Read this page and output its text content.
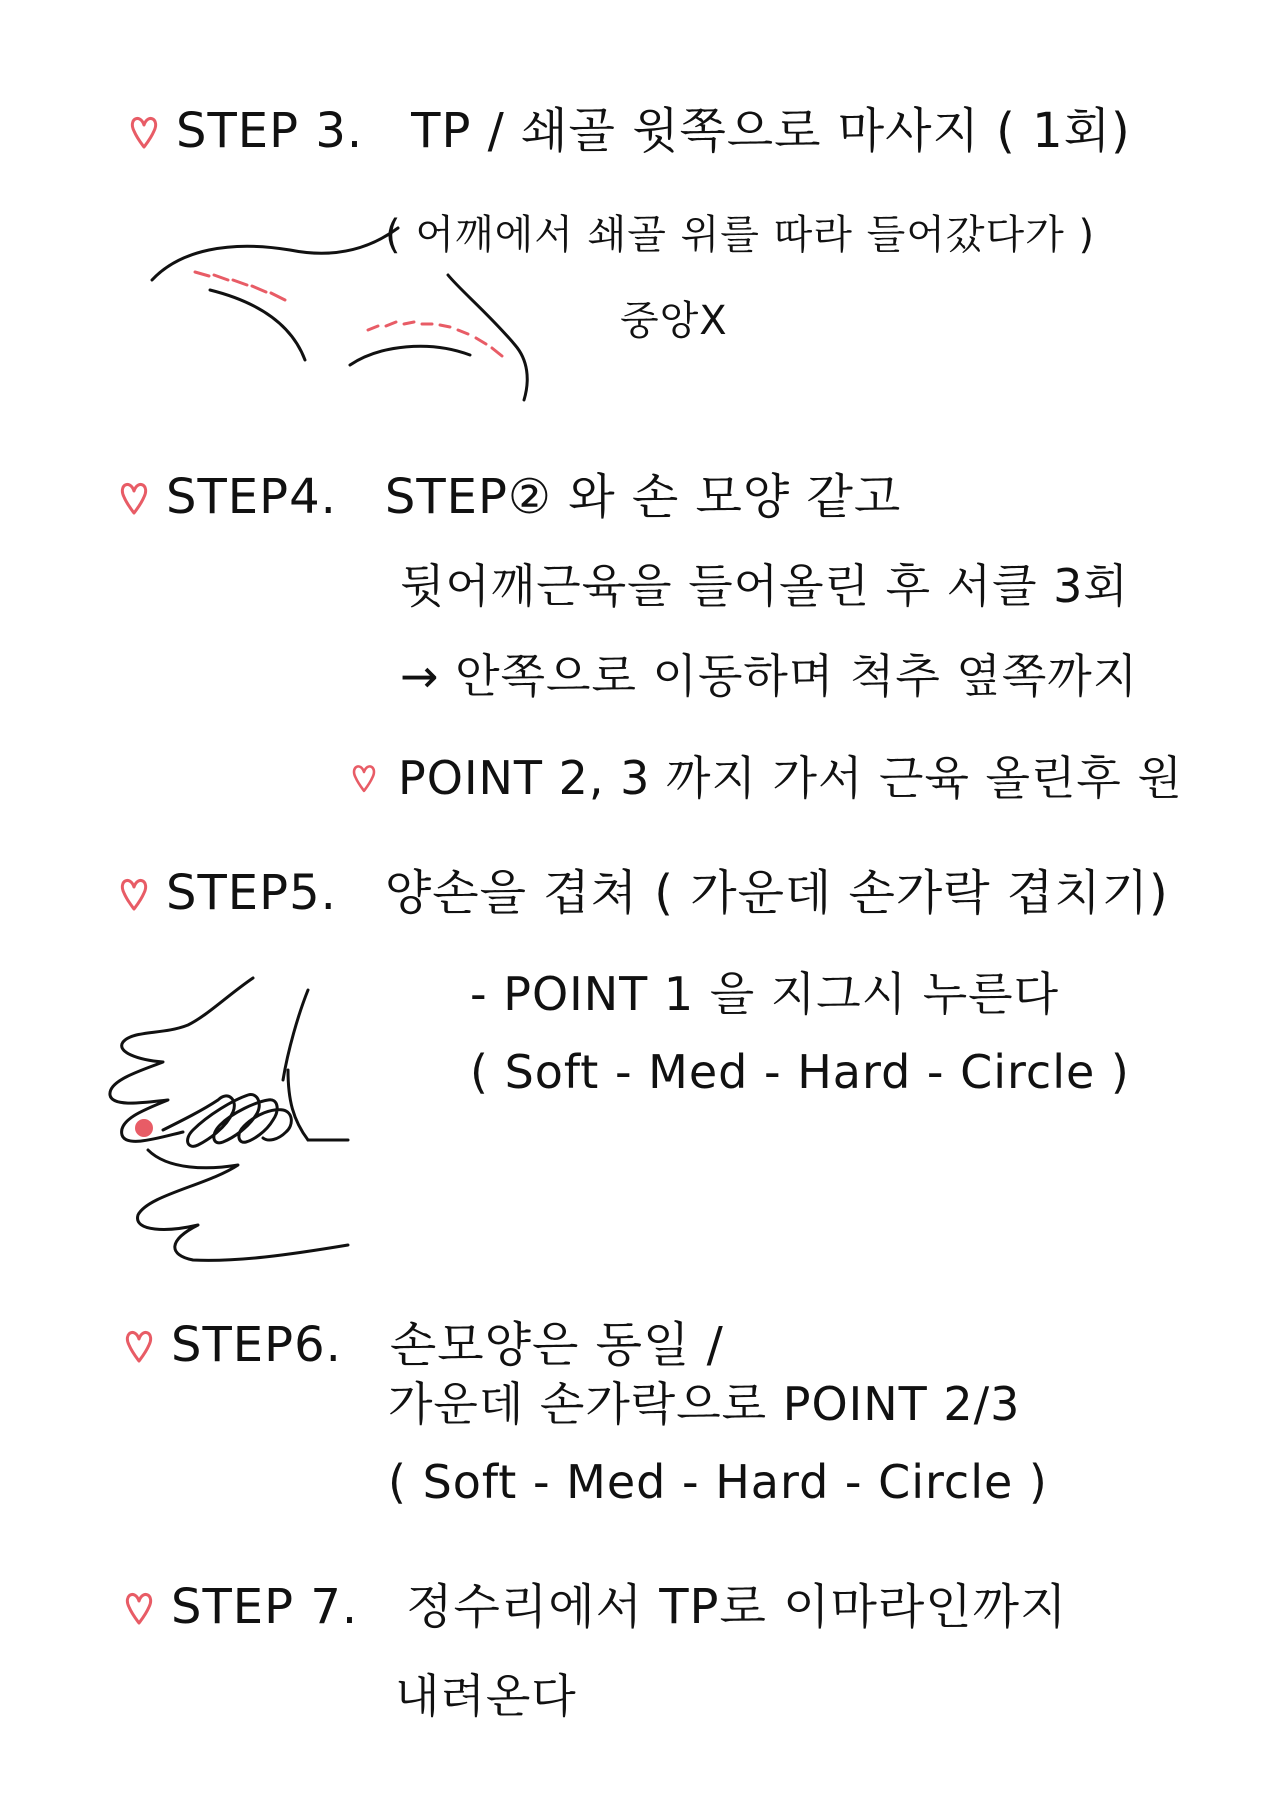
STEP 3. TP / 쇄골 윗쪽으로 마사지 ( 1회)
( 어깨에서 쇄골 위를 따라 들어갔다가 )
중앙X
STEP4. STEP② 와 손 모양 같고
뒷어깨근육을 들어올린 후 서클 3회
→ 안쪽으로 이동하며 척추 옆쪽까지
POINT 2, 3 까지 가서 근육 올린후 원
STEP5. 양손을 겹쳐 ( 가운데 손가락 겹치기)
- POINT 1 을 지그시 누른다
( Soft - Med - Hard - Circle )
STEP6. 손모양은 동일 /
가운데 손가락으로 POINT 2/3
( Soft - Med - Hard - Circle )
STEP 7. 정수리에서 TP로 이마라인까지
내려온다
